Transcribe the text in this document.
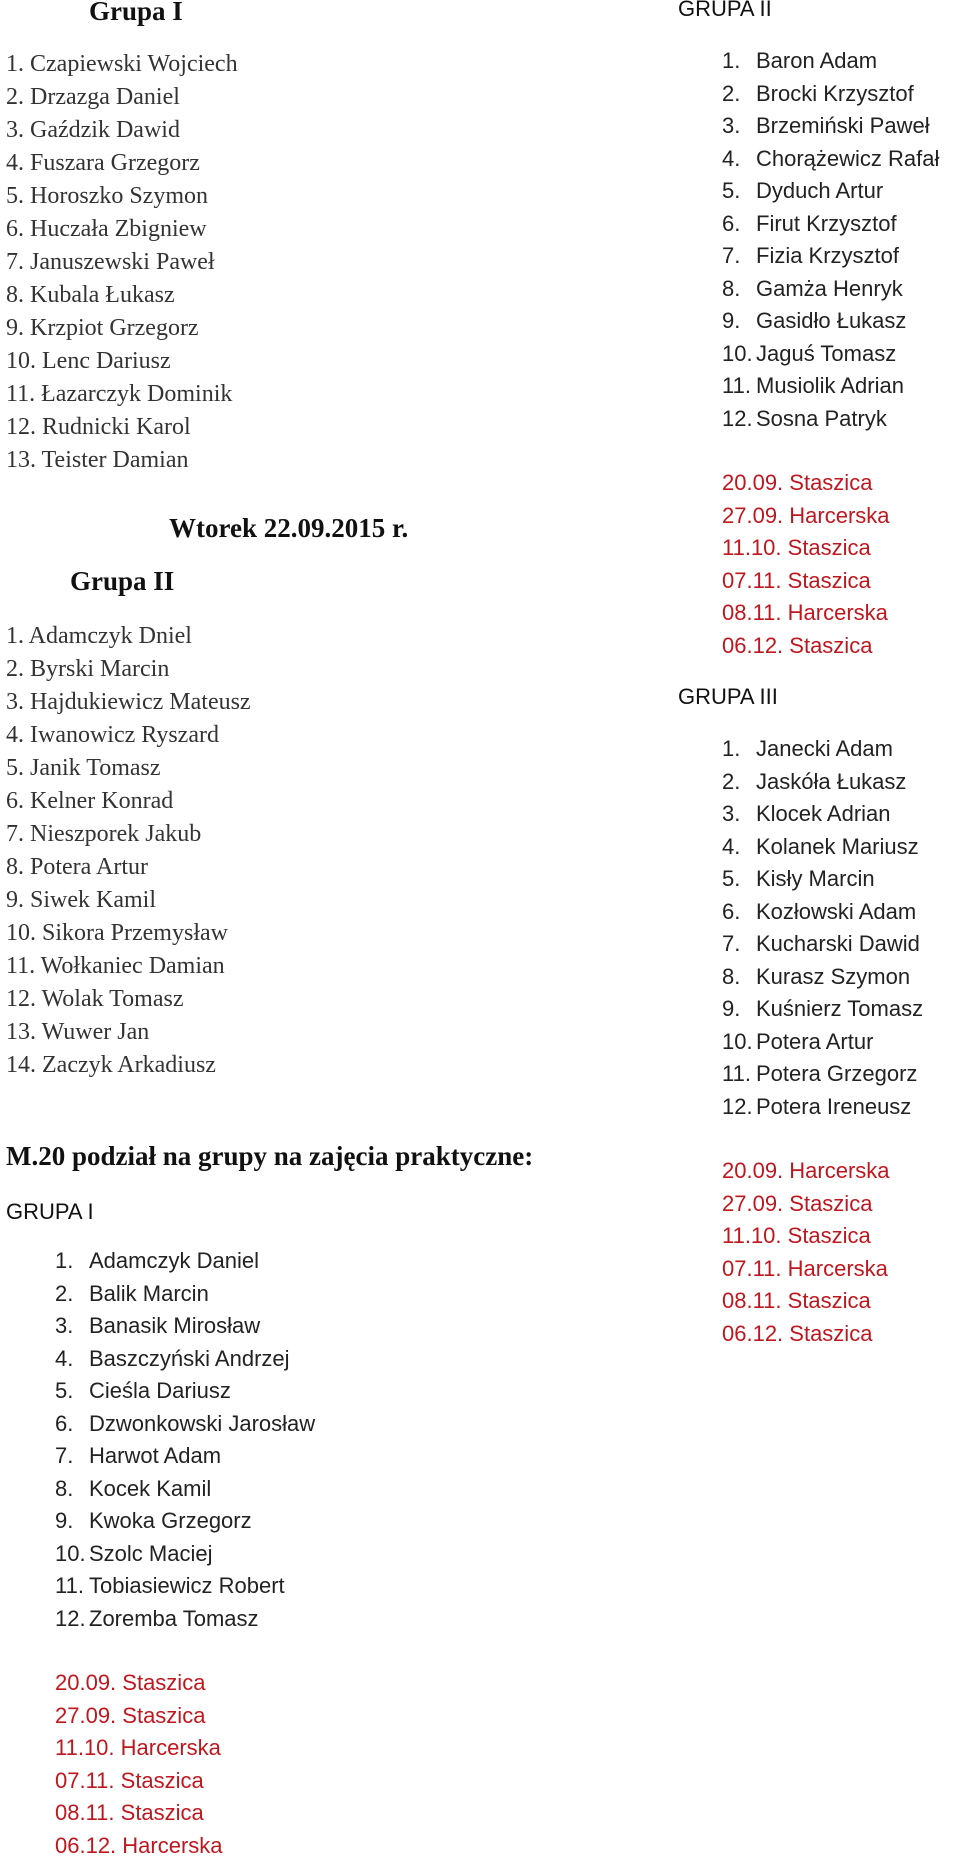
Grupa I
1. Czapiewski Wojciech
2. Drzazga Daniel
3. Gaździk Dawid
4. Fuszara Grzegorz
5. Horoszko Szymon
6. Huczała Zbigniew
7. Januszewski Paweł
8. Kubala Łukasz
9. Krzpiot Grzegorz
10. Lenc Dariusz
11. Łazarczyk Dominik
12. Rudnicki Karol
13. Teister Damian
Wtorek 22.09.2015 r.
Grupa II
1. Adamczyk Dniel
2. Byrski Marcin
3. Hajdukiewicz Mateusz
4. Iwanowicz Ryszard
5. Janik Tomasz
6. Kelner Konrad
7. Nieszporek Jakub
8. Potera Artur
9. Siwek Kamil
10. Sikora Przemysław
11. Wołkaniec Damian
12. Wolak Tomasz
13. Wuwer Jan
14. Zaczyk Arkadiusz
M.20 podział na grupy na zajęcia praktyczne:
GRUPA I
1. Adamczyk Daniel
2. Balik Marcin
3. Banasik Mirosław
4. Baszczyński Andrzej
5. Cieśla Dariusz
6. Dzwonkowski Jarosław
7. Harwot Adam
8. Kocek Kamil
9. Kwoka Grzegorz
10. Szolc Maciej
11. Tobiasiewicz Robert
12. Zoremba Tomasz
20.09. Staszica
27.09. Staszica
11.10. Harcerska
07.11. Staszica
08.11. Staszica
06.12. Harcerska
GRUPA II
1. Baron Adam
2. Brocki Krzysztof
3. Brzemiński Paweł
4. Chorążewicz Rafał
5. Dyduch Artur
6. Firut Krzysztof
7. Fizia Krzysztof
8. Gamża Henryk
9. Gasidło Łukasz
10. Jaguś Tomasz
11. Musiolik Adrian
12. Sosna Patryk
20.09. Staszica
27.09. Harcerska
11.10. Staszica
07.11. Staszica
08.11. Harcerska
06.12. Staszica
GRUPA III
1. Janecki Adam
2. Jaskóła Łukasz
3. Klocek Adrian
4. Kolanek Mariusz
5. Kisły Marcin
6. Kozłowski Adam
7. Kucharski Dawid
8. Kurasz Szymon
9. Kuśnierz Tomasz
10. Potera Artur
11. Potera Grzegorz
12. Potera Ireneusz
20.09. Harcerska
27.09. Staszica
11.10. Staszica
07.11. Harcerska
08.11. Staszica
06.12. Staszica
